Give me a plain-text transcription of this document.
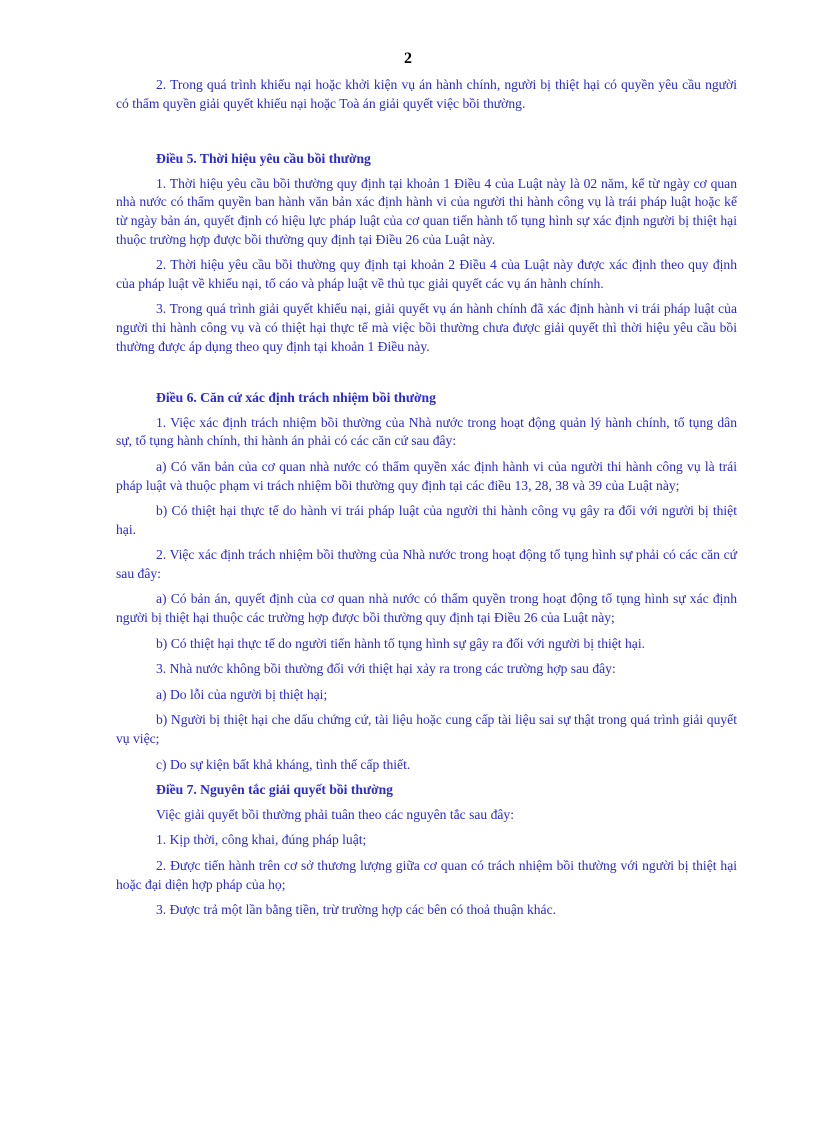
2

2. Trong quá trình khiếu nại hoặc khởi kiện vụ án hành chính, người bị thiệt hại có quyền yêu cầu người có thẩm quyền giải quyết khiếu nại hoặc Toà án giải quyết việc bồi thường.

Điều 5. Thời hiệu yêu cầu bồi thường

1. Thời hiệu yêu cầu bồi thường quy định tại khoản 1 Điều 4 của Luật này là 02 năm, kể từ ngày cơ quan nhà nước có thẩm quyền ban hành văn bản xác định hành vi của người thi hành công vụ là trái pháp luật hoặc kể từ ngày bản án, quyết định có hiệu lực pháp luật của cơ quan tiến hành tố tụng hình sự xác định người bị thiệt hại thuộc trường hợp được bồi thường quy định tại Điều 26 của Luật này.

2. Thời hiệu yêu cầu bồi thường quy định tại khoản 2 Điều 4 của Luật này được xác định theo quy định của pháp luật về khiếu nại, tố cáo và pháp luật về thủ tục giải quyết các vụ án hành chính.

3. Trong quá trình giải quyết khiếu nại, giải quyết vụ án hành chính đã xác định hành vi trái pháp luật của người thi hành công vụ và có thiệt hại thực tế mà việc bồi thường chưa được giải quyết thì thời hiệu yêu cầu bồi thường được áp dụng theo quy định tại khoản 1 Điều này.

Điều 6. Căn cứ xác định trách nhiệm bồi thường

1. Việc xác định trách nhiệm bồi thường của Nhà nước trong hoạt động quản lý hành chính, tố tụng dân sự, tố tụng hành chính, thi hành án phải có các căn cứ sau đây:

a) Có văn bản của cơ quan nhà nước có thẩm quyền xác định hành vi của người thi hành công vụ là trái pháp luật và thuộc phạm vi trách nhiệm bồi thường quy định tại các điều 13, 28, 38 và 39 của Luật này;

b) Có thiệt hại thực tế do hành vi trái pháp luật của người thi hành công vụ gây ra đối với người bị thiệt hại.

2. Việc xác định trách nhiệm bồi thường của Nhà nước trong hoạt động tố tụng hình sự phải có các căn cứ sau đây:

a) Có bản án, quyết định của cơ quan nhà nước có thẩm quyền trong hoạt động tố tụng hình sự xác định người bị thiệt hại thuộc các trường hợp được bồi thường quy định tại Điều 26 của Luật này;

b) Có thiệt hại thực tế do người tiến hành tố tụng hình sự gây ra đối với người bị thiệt hại.

3. Nhà nước không bồi thường đối với thiệt hại xảy ra trong các trường hợp sau đây:

a) Do lỗi của người bị thiệt hại;

b) Người bị thiệt hại che dấu chứng cứ, tài liệu hoặc cung cấp tài liệu sai sự thật trong quá trình giải quyết vụ việc;

c) Do sự kiện bất khả kháng, tình thế cấp thiết.

Điều 7. Nguyên tắc giải quyết bồi thường

Việc giải quyết bồi thường phải tuân theo các nguyên tắc sau đây:

1. Kịp thời, công khai, đúng pháp luật;

2. Được tiến hành trên cơ sở thương lượng giữa cơ quan có trách nhiệm bồi thường với người bị thiệt hại hoặc đại diện hợp pháp của họ;

3. Được trả một lần bằng tiền, trừ trường hợp các bên có thoả thuận khác.
